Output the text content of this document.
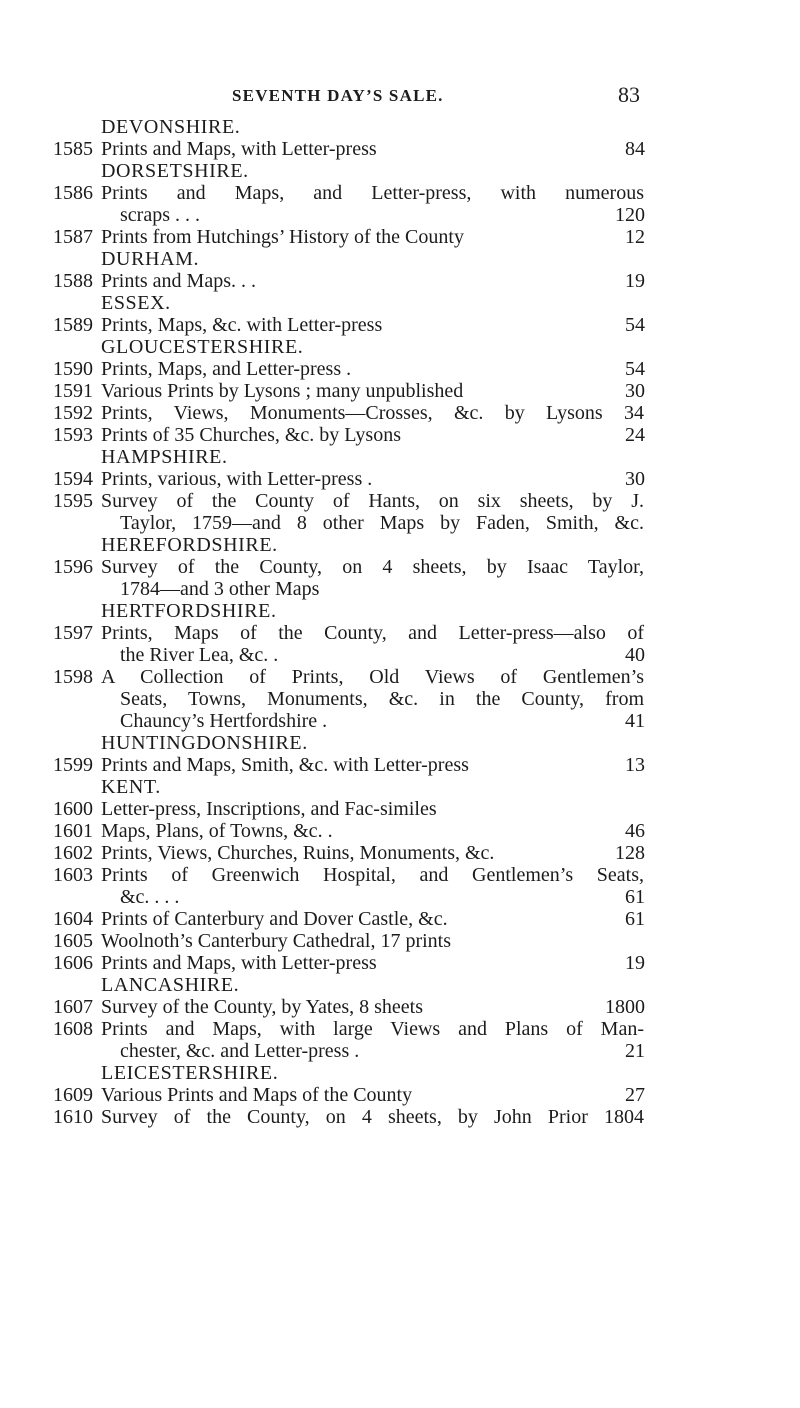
SEVENTH DAY’S SALE.	83
DEVONSHIRE.
1585 Prints and Maps, with Letter-press	84
DORSETSHIRE.
1586 Prints and Maps, and Letter-press, with numerous
scraps . . .	120
1587 Prints from Hutchings’ History of the County	12
DURHAM.
1588 Prints and Maps. . .	19
ESSEX.
1589 Prints, Maps, &c. with Letter-press	54
GLOUCESTERSHIRE.
1590 Prints, Maps, and Letter-press .	54
1591 Various Prints by Lysons ; many unpublished	30
1592 Prints, Views, Monuments—Crosses, &c. by Lysons 34
1593 Prints of 35 Churches, &c. by Lysons	24
HAMPSHIRE.
1594 Prints, various, with Letter-press .	30
1595 Survey of the County of Hants, on six sheets, by J.
Taylor, 1759—and 8 other Maps by Faden, Smith, &c.
HEREFORDSHIRE.
1596 Survey of the County, on 4 sheets, by Isaac Taylor,
1784—and 3 other Maps
HERTFORDSHIRE.
1597 Prints, Maps of the County, and Letter-press—also of
the River Lea, &c. .	40
1598 A Collection of Prints, Old Views of Gentlemen’s
Seats, Towns, Monuments, &c. in the County, from
Chauncy’s Hertfordshire .	41
HUNTINGDONSHIRE.
1599 Prints and Maps, Smith, &c. with Letter-press	13
KENT.
1600 Letter-press, Inscriptions, and Fac-similes
1601 Maps, Plans, of Towns, &c. .	46
1602 Prints, Views, Churches, Ruins, Monuments, &c.	128
1603 Prints of Greenwich Hospital, and Gentlemen’s Seats,
&c. . . .	61
1604 Prints of Canterbury and Dover Castle, &c.	61
1605 Woolnoth’s Canterbury Cathedral, 17 prints
1606 Prints and Maps, with Letter-press	19
LANCASHIRE.
1607 Survey of the County, by Yates, 8 sheets	1800
1608 Prints and Maps, with large Views and Plans of Man-
chester, &c. and Letter-press .	21
LEICESTERSHIRE.
1609 Various Prints and Maps of the County	27
1610 Survey of the County, on 4 sheets, by John Prior 1804
